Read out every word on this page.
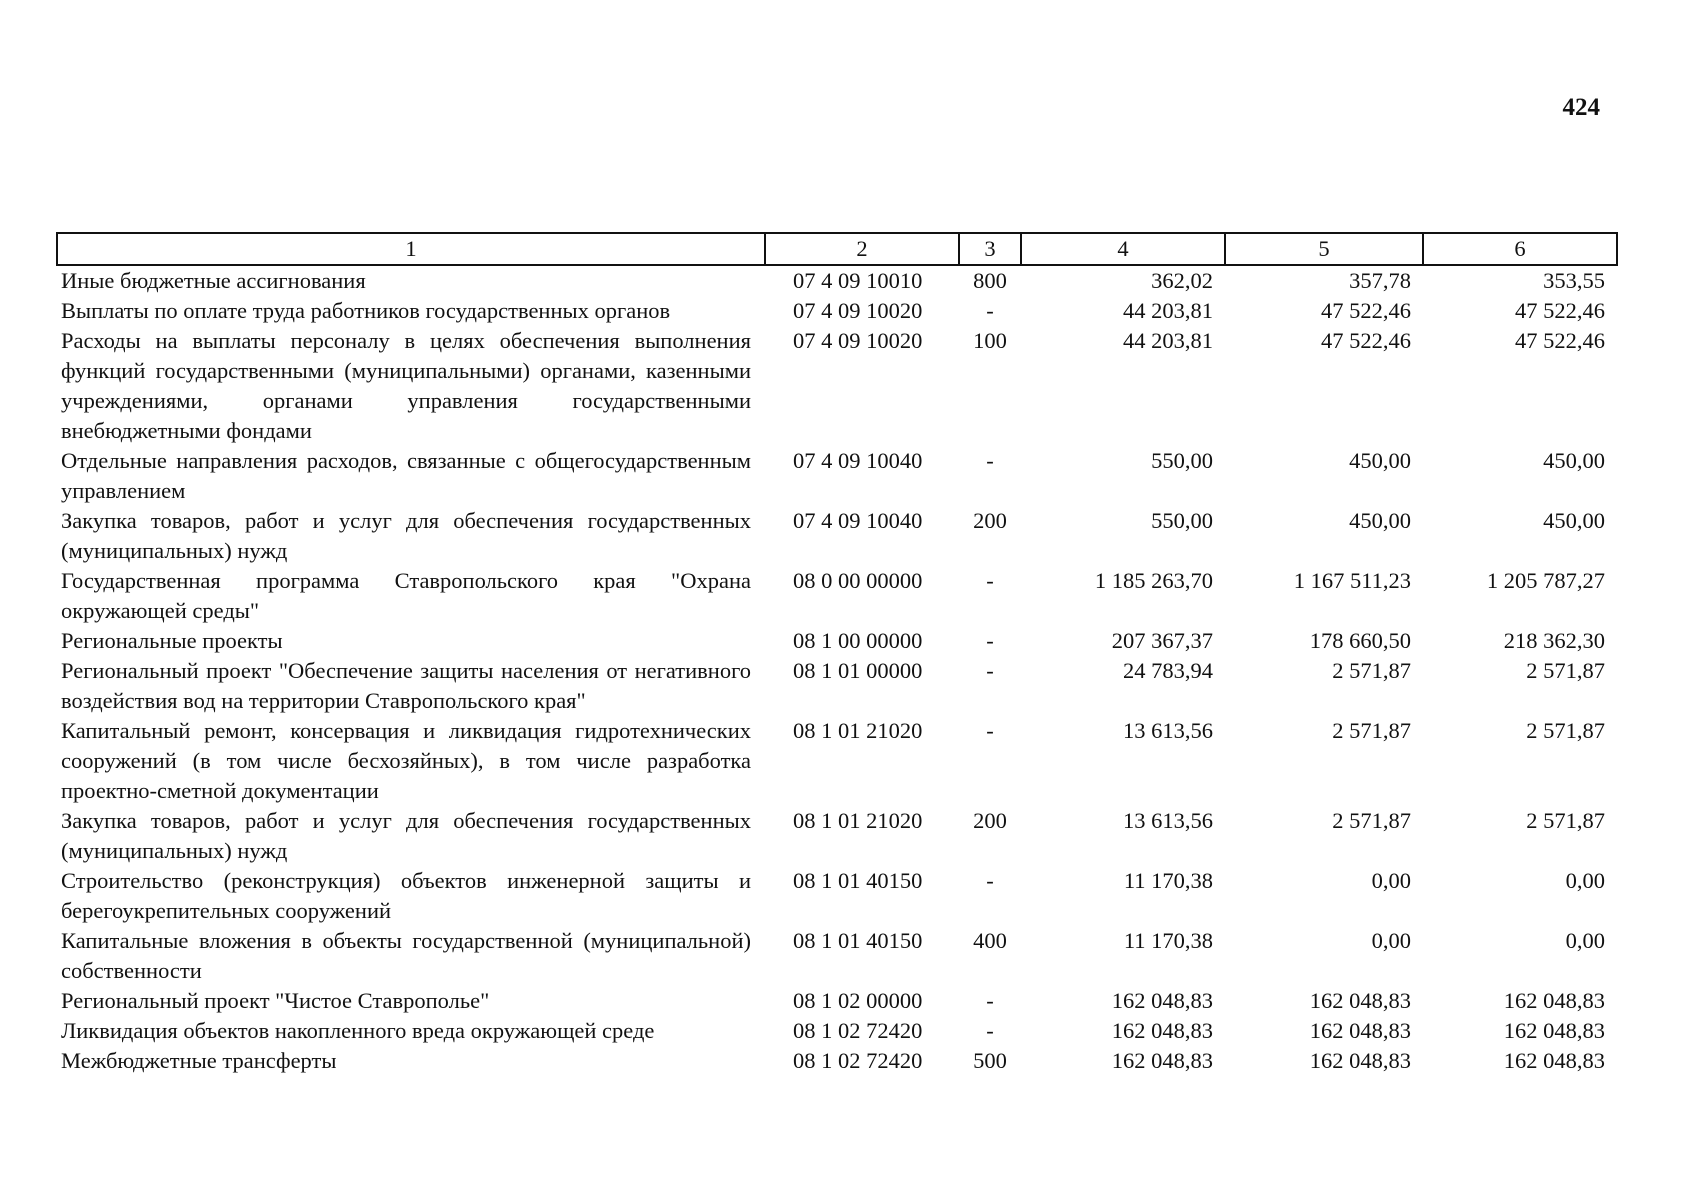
424
1	2	3	4	5	6
Иные бюджетные ассигнования	07 4 09 10010	800	362,02	357,78	353,55
Выплаты по оплате труда работников государственных органов	07 4 09 10020	-	44 203,81	47 522,46	47 522,46
Расходы на выплаты персоналу в целях обеспечения выполнения функций государственными (муниципальными) органами, казенными учреждениями, органами управления государственными внебюджетными фондами	07 4 09 10020	100	44 203,81	47 522,46	47 522,46
Отдельные направления расходов, связанные с общегосударственным управлением	07 4 09 10040	-	550,00	450,00	450,00
Закупка товаров, работ и услуг для обеспечения государственных (муниципальных) нужд	07 4 09 10040	200	550,00	450,00	450,00
Государственная программа Ставропольского края "Охрана окружающей среды"	08 0 00 00000	-	1 185 263,70	1 167 511,23	1 205 787,27
Региональные проекты	08 1 00 00000	-	207 367,37	178 660,50	218 362,30
Региональный проект "Обеспечение защиты населения от негативного воздействия вод на территории Ставропольского края"	08 1 01 00000	-	24 783,94	2 571,87	2 571,87
Капитальный ремонт, консервация и ликвидация гидротехнических сооружений (в том числе бесхозяйных), в том числе разработка проектно-сметной документации	08 1 01 21020	-	13 613,56	2 571,87	2 571,87
Закупка товаров, работ и услуг для обеспечения государственных (муниципальных) нужд	08 1 01 21020	200	13 613,56	2 571,87	2 571,87
Строительство (реконструкция) объектов инженерной защиты и берегоукрепительных сооружений	08 1 01 40150	-	11 170,38	0,00	0,00
Капитальные вложения в объекты государственной (муниципальной) собственности	08 1 01 40150	400	11 170,38	0,00	0,00
Региональный проект "Чистое Ставрополье"	08 1 02 00000	-	162 048,83	162 048,83	162 048,83
Ликвидация объектов накопленного вреда окружающей среде	08 1 02 72420	-	162 048,83	162 048,83	162 048,83
Межбюджетные трансферты	08 1 02 72420	500	162 048,83	162 048,83	162 048,83
